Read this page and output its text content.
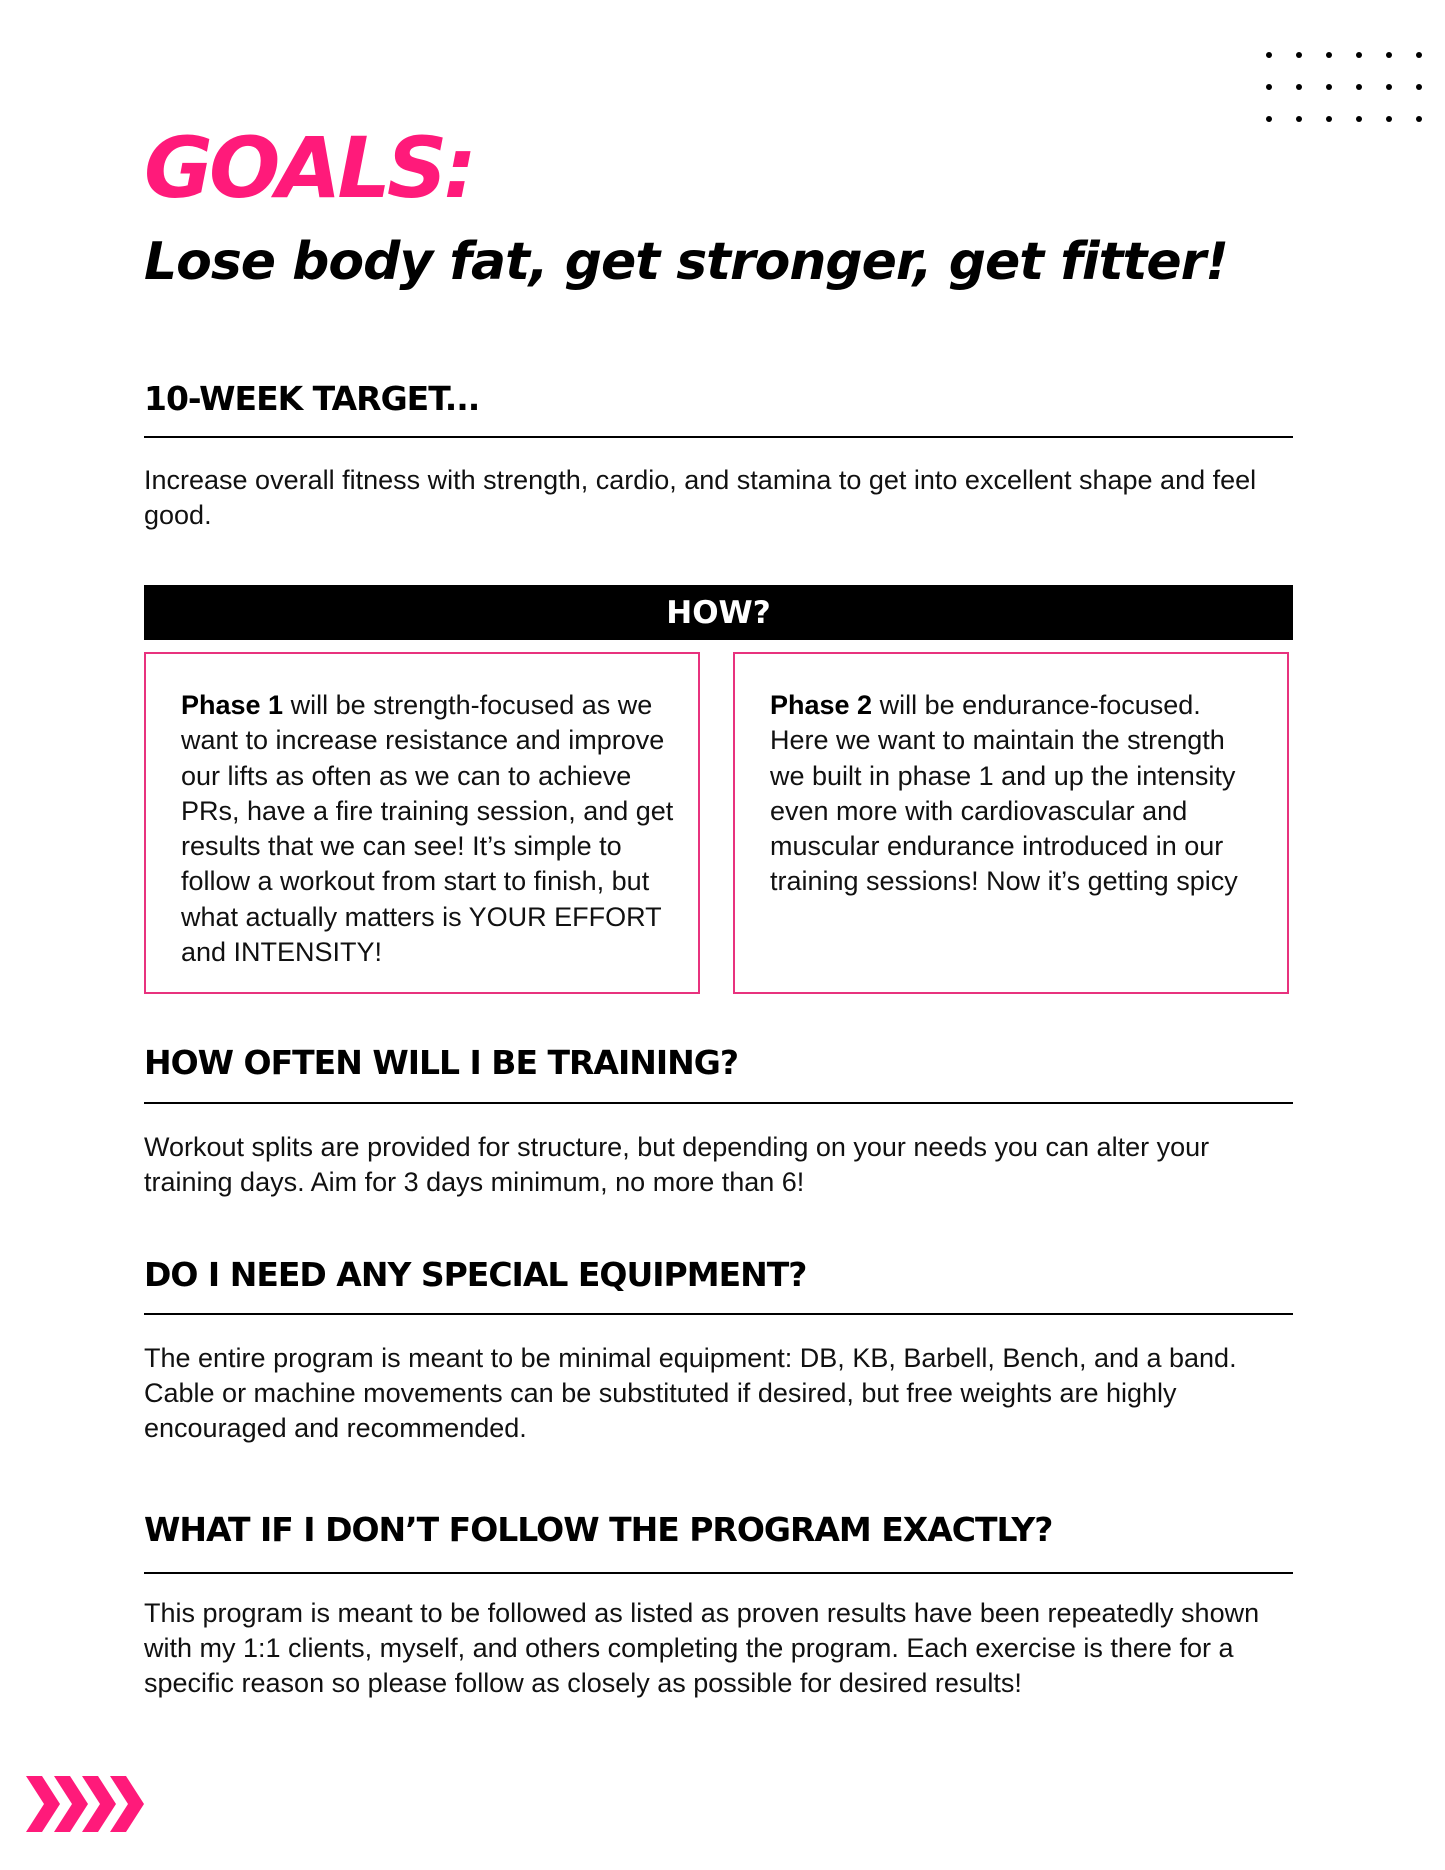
GOALS:
Lose body fat, get stronger, get fitter!
10-WEEK TARGET...

Increase overall fitness with strength, cardio, and stamina to get into excellent shape and feel good.

HOW?

Phase 1 will be strength-focused as we want to increase resistance and improve our lifts as often as we can to achieve PRs, have a fire training session, and get results that we can see! It’s simple to follow a workout from start to finish, but what actually matters is YOUR EFFORT and INTENSITY!

Phase 2 will be endurance-focused. Here we want to maintain the strength we built in phase 1 and up the intensity even more with cardiovascular and muscular endurance introduced in our training sessions! Now it’s getting spicy

HOW OFTEN WILL I BE TRAINING?

Workout splits are provided for structure, but depending on your needs you can alter your training days. Aim for 3 days minimum, no more than 6!

DO I NEED ANY SPECIAL EQUIPMENT?

The entire program is meant to be minimal equipment: DB, KB, Barbell, Bench, and a band. Cable or machine movements can be substituted if desired, but free weights are highly encouraged and recommended.

WHAT IF I DON’T FOLLOW THE PROGRAM EXACTLY?

This program is meant to be followed as listed as proven results have been repeatedly shown with my 1:1 clients, myself, and others completing the program. Each exercise is there for a specific reason so please follow as closely as possible for desired results!
